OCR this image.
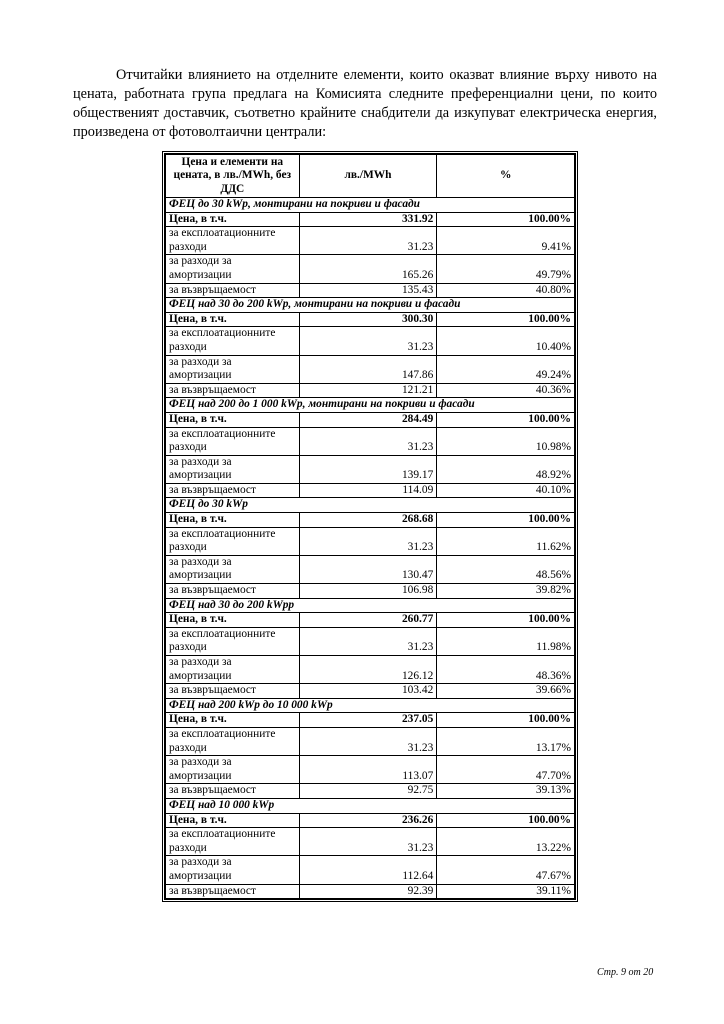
Отчитайки влиянието на отделните елементи, които оказват влияние върху нивото на цената, работната група предлага на Комисията следните преференциални цени, по които общественият доставчик, съответно крайните снабдители да изкупуват електрическа енергия, произведена от фотоволтаични централи:

Цена и елементи на цената, в лв./MWh, без ДДС	лв./MWh	%
ФЕЦ до 30 kWp, монтирани на покриви и фасади		
Цена, в т.ч.	331.92	100.00%
за експлоатационните разходи	31.23	9.41%
за разходи за амортизации	165.26	49.79%
за възвръщаемост	135.43	40.80%
ФЕЦ над 30 до 200 kWp, монтирани на покриви и фасади		
Цена, в т.ч.	300.30	100.00%
за експлоатационните разходи	31.23	10.40%
за разходи за амортизации	147.86	49.24%
за възвръщаемост	121.21	40.36%
ФЕЦ над 200 до 1 000 kWp, монтирани на покриви и фасади		
Цена, в т.ч.	284.49	100.00%
за експлоатационните разходи	31.23	10.98%
за разходи за амортизации	139.17	48.92%
за възвръщаемост	114.09	40.10%
ФЕЦ до 30 kWp		
Цена, в т.ч.	268.68	100.00%
за експлоатационните разходи	31.23	11.62%
за разходи за амортизации	130.47	48.56%
за възвръщаемост	106.98	39.82%
ФЕЦ над 30 до 200 kWpp		
Цена, в т.ч.	260.77	100.00%
за експлоатационните разходи	31.23	11.98%
за разходи за амортизации	126.12	48.36%
за възвръщаемост	103.42	39.66%
ФЕЦ над 200 kWp до 10 000 kWp		
Цена, в т.ч.	237.05	100.00%
за експлоатационните разходи	31.23	13.17%
за разходи за амортизации	113.07	47.70%
за възвръщаемост	92.75	39.13%
ФЕЦ над 10 000 kWp		
Цена, в т.ч.	236.26	100.00%
за експлоатационните разходи	31.23	13.22%
за разходи за амортизации	112.64	47.67%
за възвръщаемост	92.39	39.11%
Стр. 9 от 20
